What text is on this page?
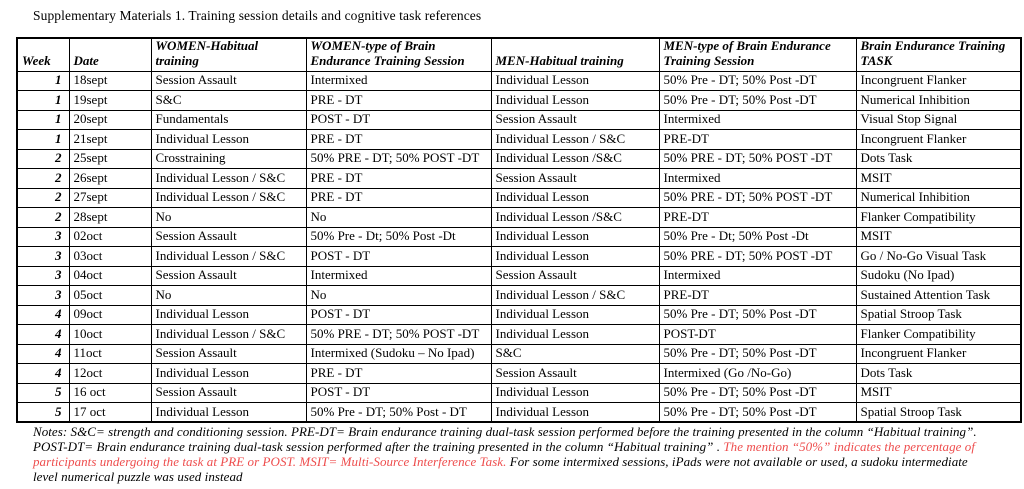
Supplementary Materials 1. Training session details and cognitive task references
Week	Date	WOMEN-Habitual training	WOMEN-type of Brain Endurance Training Session	MEN-Habitual training	MEN-type of Brain Endurance Training Session	Brain Endurance Training TASK
1	18sept	Session Assault	Intermixed	Individual Lesson	50% Pre - DT; 50% Post -DT	Incongruent Flanker
1	19sept	S&C	PRE - DT	Individual Lesson	50% Pre - DT; 50% Post -DT	Numerical Inhibition
1	20sept	Fundamentals	POST - DT	Session Assault	Intermixed	Visual Stop Signal
1	21sept	Individual Lesson	PRE - DT	Individual Lesson / S&C	PRE-DT	Incongruent Flanker
2	25sept	Crosstraining	50% PRE - DT; 50% POST -DT	Individual Lesson /S&C	50% PRE - DT; 50% POST -DT	Dots Task
2	26sept	Individual Lesson / S&C	PRE - DT	Session Assault	Intermixed	MSIT
2	27sept	Individual Lesson / S&C	PRE - DT	Individual Lesson	50% PRE - DT; 50% POST -DT	Numerical Inhibition
2	28sept	No	No	Individual Lesson /S&C	PRE-DT	Flanker Compatibility
3	02oct	Session Assault	50% Pre - Dt; 50% Post -Dt	Individual Lesson	50% Pre - Dt; 50% Post -Dt	MSIT
3	03oct	Individual Lesson / S&C	POST - DT	Individual Lesson	50% PRE - DT; 50% POST -DT	Go / No-Go Visual Task
3	04oct	Session Assault	Intermixed	Session Assault	Intermixed	Sudoku (No Ipad)
3	05oct	No	No	Individual Lesson / S&C	PRE-DT	Sustained Attention Task
4	09oct	Individual Lesson	POST - DT	Individual Lesson	50% Pre - DT; 50% Post -DT	Spatial Stroop Task
4	10oct	Individual Lesson / S&C	50% PRE - DT; 50% POST -DT	Individual Lesson	POST-DT	Flanker Compatibility
4	11oct	Session Assault	Intermixed (Sudoku – No Ipad)	S&C	50% Pre - DT; 50% Post -DT	Incongruent Flanker
4	12oct	Individual Lesson	PRE - DT	Session Assault	Intermixed (Go /No-Go)	Dots Task
5	16 oct	Session Assault	POST - DT	Individual Lesson	50% Pre - DT; 50% Post -DT	MSIT
5	17 oct	Individual Lesson	50% Pre - DT; 50% Post - DT	Individual Lesson	50% Pre - DT; 50% Post -DT	Spatial Stroop Task

Notes: S&C= strength and conditioning session. PRE-DT= Brain endurance training dual-task session performed before the training presented in the column “Habitual training”. POST-DT= Brain endurance training dual-task session performed after the training presented in the column “Habitual training” . The mention “50%” indicates the percentage of participants undergoing the task at PRE or POST. MSIT= Multi-Source Interference Task. For some intermixed sessions, iPads were not available or used, a sudoku intermediate level numerical puzzle was used instead
